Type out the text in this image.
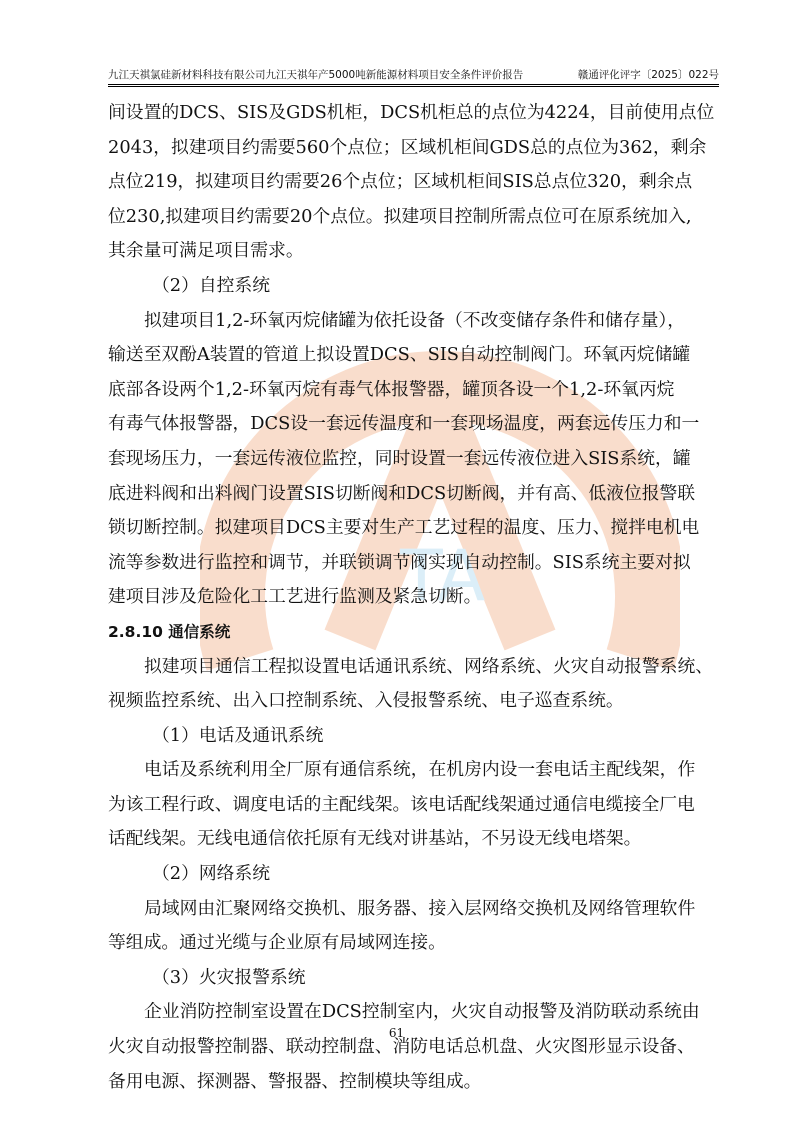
九江天祺氯硅新材料科技有限公司九江天祺年产5000吨新能源材料项目安全条件评价报告	赣通评化评字〔2025〕022号
TA
间设置的DCS、SIS及GDS机柜，DCS机柜总的点位为4224，目前使用点位
2043，拟建项目约需要560个点位；区域机柜间GDS总的点位为362，剩余
点位219，拟建项目约需要26个点位；区域机柜间SIS总点位320，剩余点
位230,拟建项目约需要20个点位。拟建项目控制所需点位可在原系统加入,
其余量可满足项目需求。
（2）自控系统
拟建项目1,2-环氧丙烷储罐为依托设备（不改变储存条件和储存量），
输送至双酚A装置的管道上拟设置DCS、SIS自动控制阀门。环氧丙烷储罐
底部各设两个1,2-环氧丙烷有毒气体报警器，罐顶各设一个1,2-环氧丙烷
有毒气体报警器，DCS设一套远传温度和一套现场温度，两套远传压力和一
套现场压力，一套远传液位监控，同时设置一套远传液位进入SIS系统，罐
底进料阀和出料阀门设置SIS切断阀和DCS切断阀，并有高、低液位报警联
锁切断控制。拟建项目DCS主要对生产工艺过程的温度、压力、搅拌电机电
流等参数进行监控和调节，并联锁调节阀实现自动控制。SIS系统主要对拟
建项目涉及危险化工工艺进行监测及紧急切断。
2.8.10 通信系统
拟建项目通信工程拟设置电话通讯系统、网络系统、火灾自动报警系统、
视频监控系统、出入口控制系统、入侵报警系统、电子巡查系统。
（1）电话及通讯系统
电话及系统利用全厂原有通信系统，在机房内设一套电话主配线架，作
为该工程行政、调度电话的主配线架。该电话配线架通过通信电缆接全厂电
话配线架。无线电通信依托原有无线对讲基站，不另设无线电塔架。
（2）网络系统
局域网由汇聚网络交换机、服务器、接入层网络交换机及网络管理软件
等组成。通过光缆与企业原有局域网连接。
（3）火灾报警系统
企业消防控制室设置在DCS控制室内，火灾自动报警及消防联动系统由
火灾自动报警控制器、联动控制盘、消防电话总机盘、火灾图形显示设备、
备用电源、探测器、警报器、控制模块等组成。
61
